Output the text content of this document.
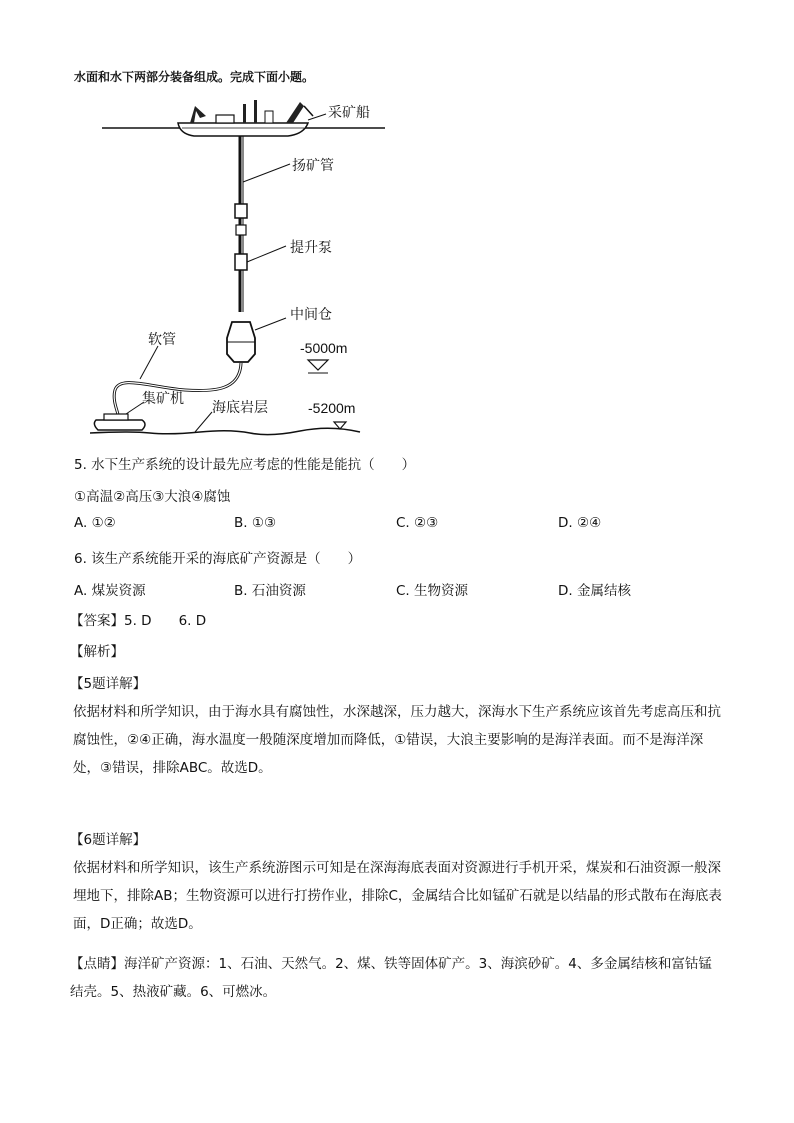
水面和水下两部分装备组成。完成下面小题。
采矿船
扬矿管
提升泵
中间仓
-5000m
软管
集矿机
海底岩层	-5200m
5. 水下生产系统的设计最先应考虑的性能是能抗（　　）
①高温②高压③大浪④腐蚀
A. ①②	B. ①③	C. ②③	D. ②④
6. 该生产系统能开采的海底矿产资源是（　　）
A. 煤炭资源	B. 石油资源	C. 生物资源	D. 金属结核
【答案】5. D　　6. D
【解析】
【5题详解】
依据材料和所学知识，由于海水具有腐蚀性，水深越深，压力越大，深海水下生产系统应该首先考虑高压和抗腐蚀性，②④正确，海水温度一般随深度增加而降低，①错误，大浪主要影响的是海洋表面。而不是海洋深处，③错误，排除ABC。故选D。
【6题详解】
依据材料和所学知识，该生产系统游图示可知是在深海海底表面对资源进行手机开采，煤炭和石油资源一般深埋地下，排除AB；生物资源可以进行打捞作业，排除C，金属结合比如锰矿石就是以结晶的形式散布在海底表面，D正确；故选D。
【点睛】海洋矿产资源：1、石油、天然气。2、煤、铁等固体矿产。3、海滨砂矿。4、多金属结核和富钴锰结壳。5、热液矿藏。6、可燃冰。
